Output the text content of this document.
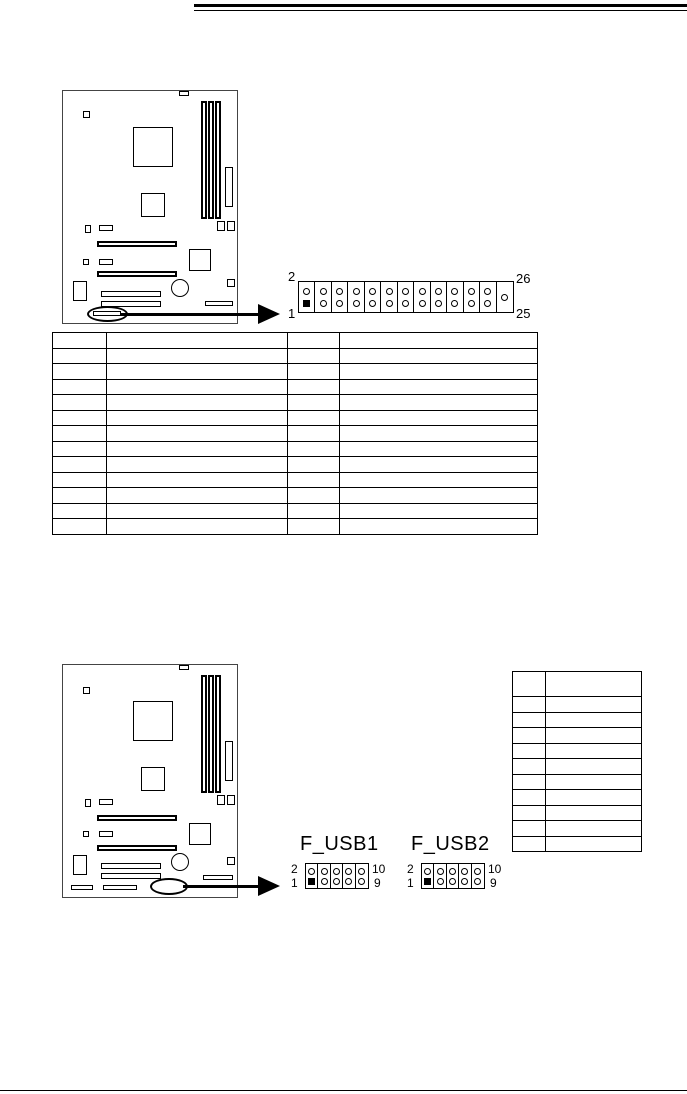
2
1
26
25

F_USB1
2
1
10
9
F_USB2
2
1
10
9
